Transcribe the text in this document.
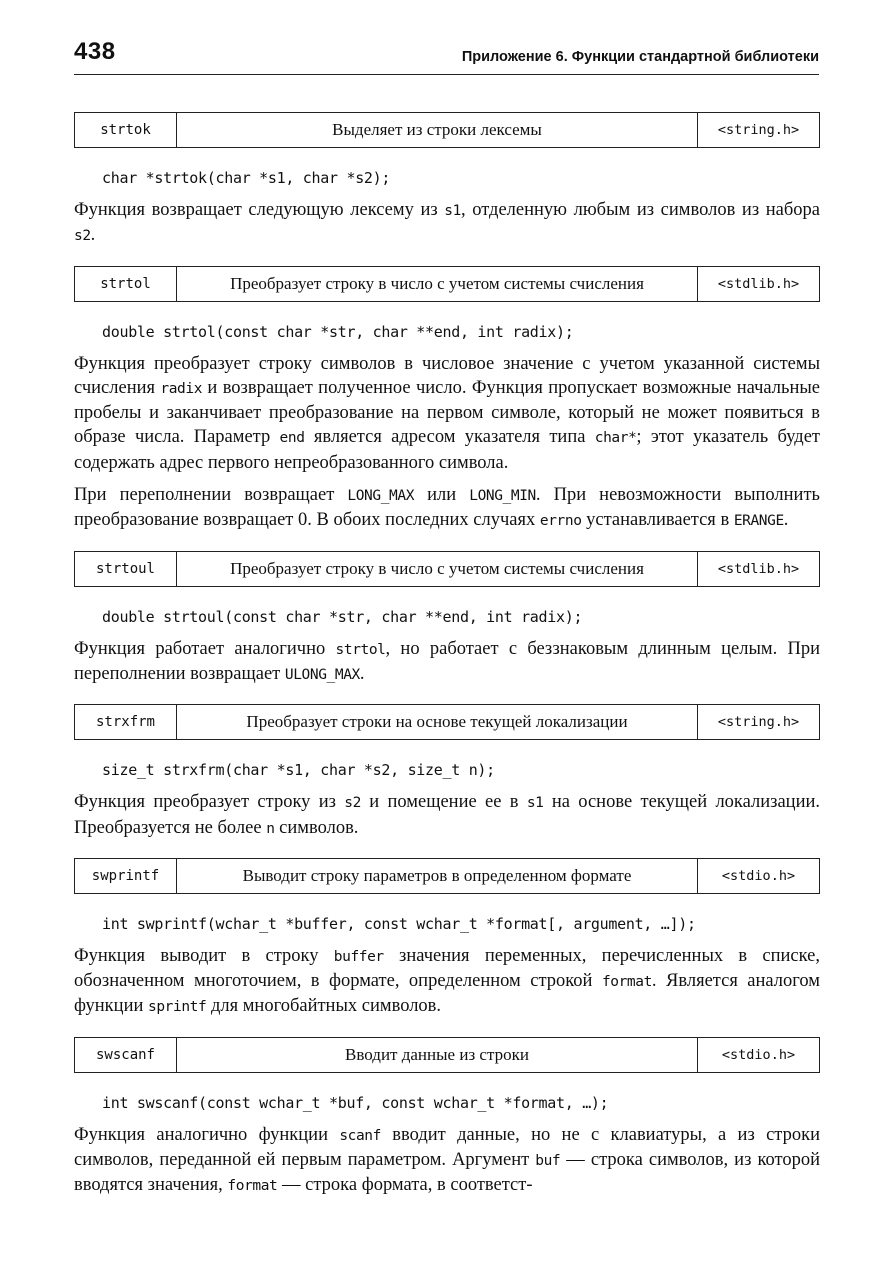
438	Приложение 6. Функции стандартной библиотеки
strtok	Выделяет из строки лексемы	<string.h>
char *strtok(char *s1, char *s2);

Функция возвращает следующую лексему из s1, отделенную любым из символов из набора s2.

strtol	Преобразует строку в число с учетом системы счисления	<stdlib.h>
double strtol(const char *str, char **end, int radix);

Функция преобразует строку символов в числовое значение с учетом указанной системы счисления radix и возвращает полученное число. Функция пропускает возможные начальные пробелы и заканчивает преобразование на первом символе, который не может появиться в образе числа. Параметр end является адресом указателя типа char*; этот указатель будет содержать адрес первого непреобразованного символа.

При переполнении возвращает LONG_MAX или LONG_MIN. При невозможности выполнить преобразование возвращает 0. В обоих последних случаях errno устанавливается в ERANGE.

strtoul	Преобразует строку в число с учетом системы счисления	<stdlib.h>
double strtoul(const char *str, char **end, int radix);

Функция работает аналогично strtol, но работает с беззнаковым длинным целым. При переполнении возвращает ULONG_MAX.

strxfrm	Преобразует строки на основе текущей локализации	<string.h>
size_t strxfrm(char *s1, char *s2, size_t n);

Функция преобразует строку из s2 и помещение ее в s1 на основе текущей локализации. Преобразуется не более n символов.

swprintf	Выводит строку параметров в определенном формате	<stdio.h>
int swprintf(wchar_t *buffer, const wchar_t *format[, argument, …]);

Функция выводит в строку buffer значения переменных, перечисленных в списке, обозначенном многоточием, в формате, определенном строкой format. Является аналогом функции sprintf для многобайтных символов.

swscanf	Вводит данные из строки	<stdio.h>
int swscanf(const wchar_t *buf, const wchar_t *format, …);

Функция аналогично функции scanf вводит данные, но не с клавиатуры, а из строки символов, переданной ей первым параметром. Аргумент buf — строка символов, из которой вводятся значения, format — строка формата, в соответст-
